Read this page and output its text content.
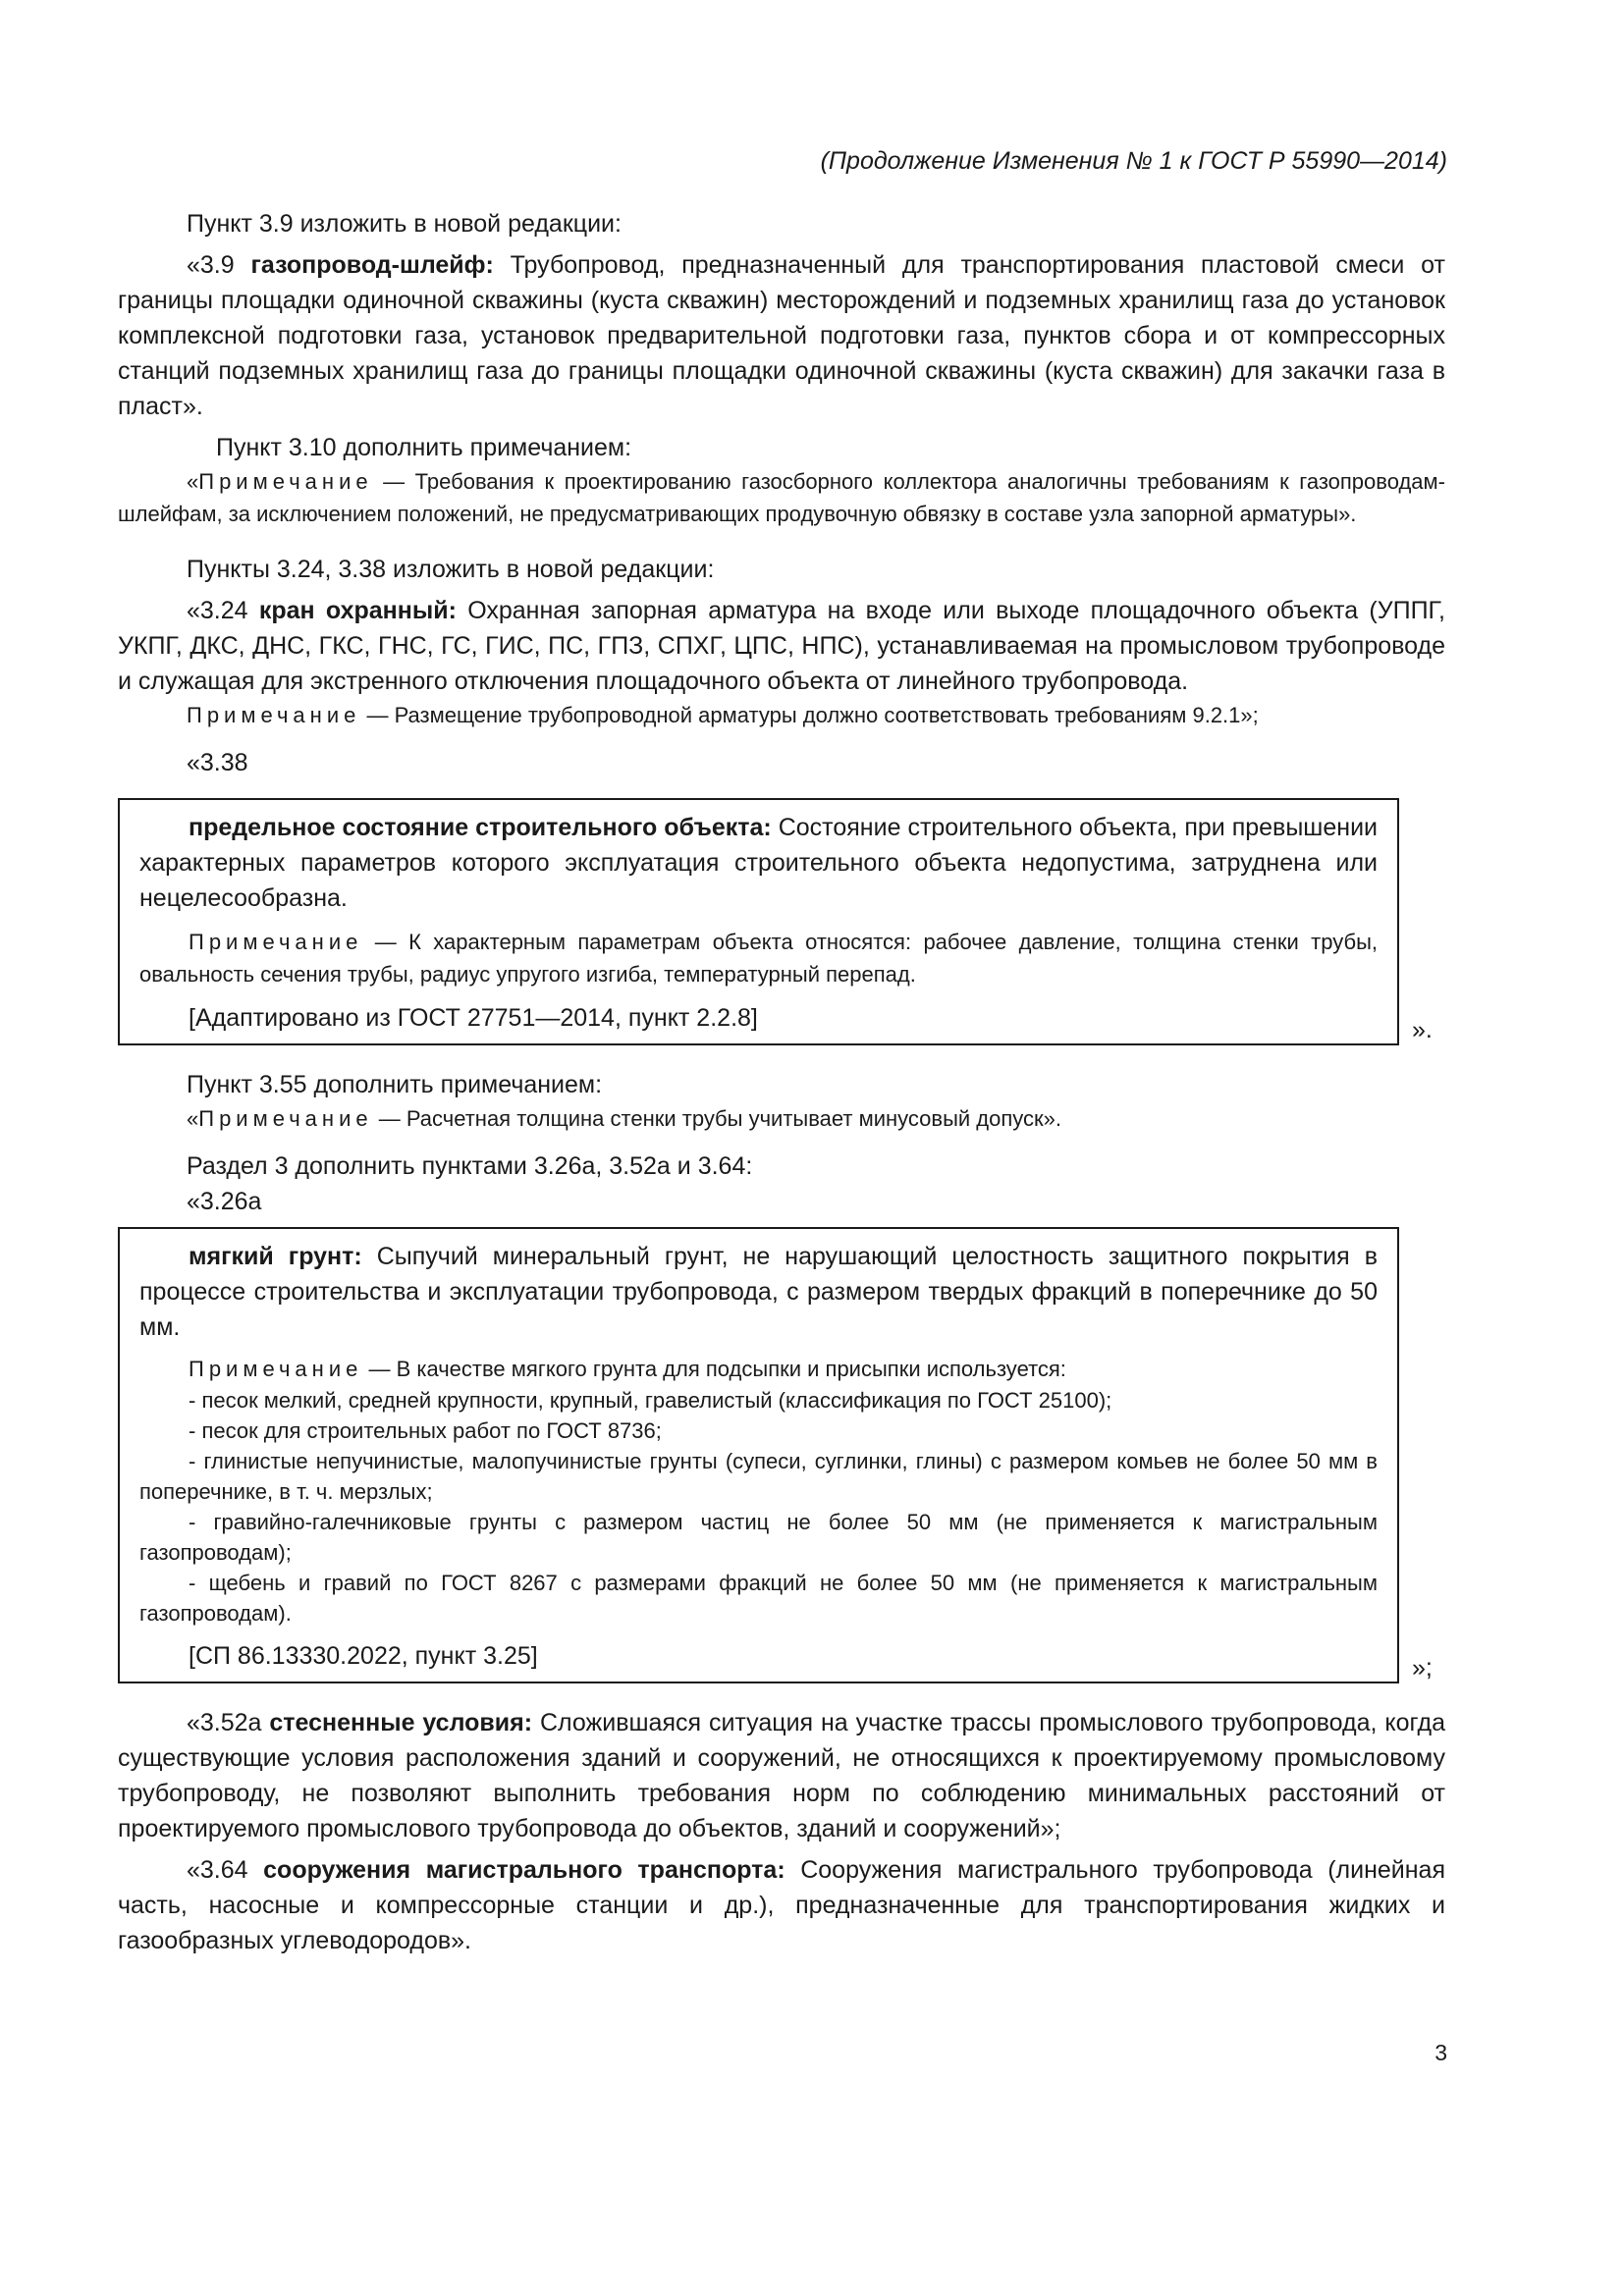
(Продолжение Изменения № 1 к ГОСТ Р 55990—2014)

Пункт 3.9 изложить в новой редакции:

«3.9 газопровод-шлейф: Трубопровод, предназначенный для транспортирования пластовой смеси от границы площадки одиночной скважины (куста скважин) месторождений и подземных хранилищ газа до установок комплексной подготовки газа, установок предварительной подготовки газа, пунктов сбора и от компрессорных станций подземных хранилищ газа до границы площадки одиночной скважины (куста скважин) для закачки газа в пласт».

Пункт 3.10 дополнить примечанием:

«Примечание — Требования к проектированию газосборного коллектора аналогичны требованиям к газопроводам-шлейфам, за исключением положений, не предусматривающих продувочную обвязку в составе узла запорной арматуры».

Пункты 3.24, 3.38 изложить в новой редакции:

«3.24 кран охранный: Охранная запорная арматура на входе или выходе площадочного объекта (УППГ, УКПГ, ДКС, ДНС, ГКС, ГНС, ГС, ГИС, ПС, ГПЗ, СПХГ, ЦПС, НПС), устанавливаемая на промысловом трубопроводе и служащая для экстренного отключения площадочного объекта от линейного трубопровода.

Примечание — Размещение трубопроводной арматуры должно соответствовать требованиям 9.2.1»;

«3.38

предельное состояние строительного объекта: Состояние строительного объекта, при превышении характерных параметров которого эксплуатация строительного объекта недопустима, затруднена или нецелесообразна.

Примечание — К характерным параметрам объекта относятся: рабочее давление, толщина стенки трубы, овальность сечения трубы, радиус упругого изгиба, температурный перепад.

[Адаптировано из ГОСТ 27751—2014, пункт 2.2.8]	».

Пункт 3.55 дополнить примечанием:

«Примечание — Расчетная толщина стенки трубы учитывает минусовый допуск».

Раздел 3 дополнить пунктами 3.26а, 3.52а и 3.64:

«3.26а

мягкий грунт: Сыпучий минеральный грунт, не нарушающий целостность защитного покрытия в процессе строительства и эксплуатации трубопровода, с размером твердых фракций в поперечнике до 50 мм.

Примечание — В качестве мягкого грунта для подсыпки и присыпки используется:

- песок мелкий, средней крупности, крупный, гравелистый (классификация по ГОСТ 25100);

- песок для строительных работ по ГОСТ 8736;

- глинистые непучинистые, малопучинистые грунты (супеси, суглинки, глины) с размером комьев не более 50 мм в поперечнике, в т. ч. мерзлых;

- гравийно-галечниковые грунты с размером частиц не более 50 мм (не применяется к магистральным газопроводам);

- щебень и гравий по ГОСТ 8267 с размерами фракций не более 50 мм (не применяется к магистральным газопроводам).

[СП 86.13330.2022, пункт 3.25]	»;

«3.52а стесненные условия: Сложившаяся ситуация на участке трассы промыслового трубопровода, когда существующие условия расположения зданий и сооружений, не относящихся к проектируемому промысловому трубопроводу, не позволяют выполнить требования норм по соблюдению минимальных расстояний от проектируемого промыслового трубопровода до объектов, зданий и сооружений»;

«3.64 сооружения магистрального транспорта: Сооружения магистрального трубопровода (линейная часть, насосные и компрессорные станции и др.), предназначенные для транспортирования жидких и газообразных углеводородов».

3
